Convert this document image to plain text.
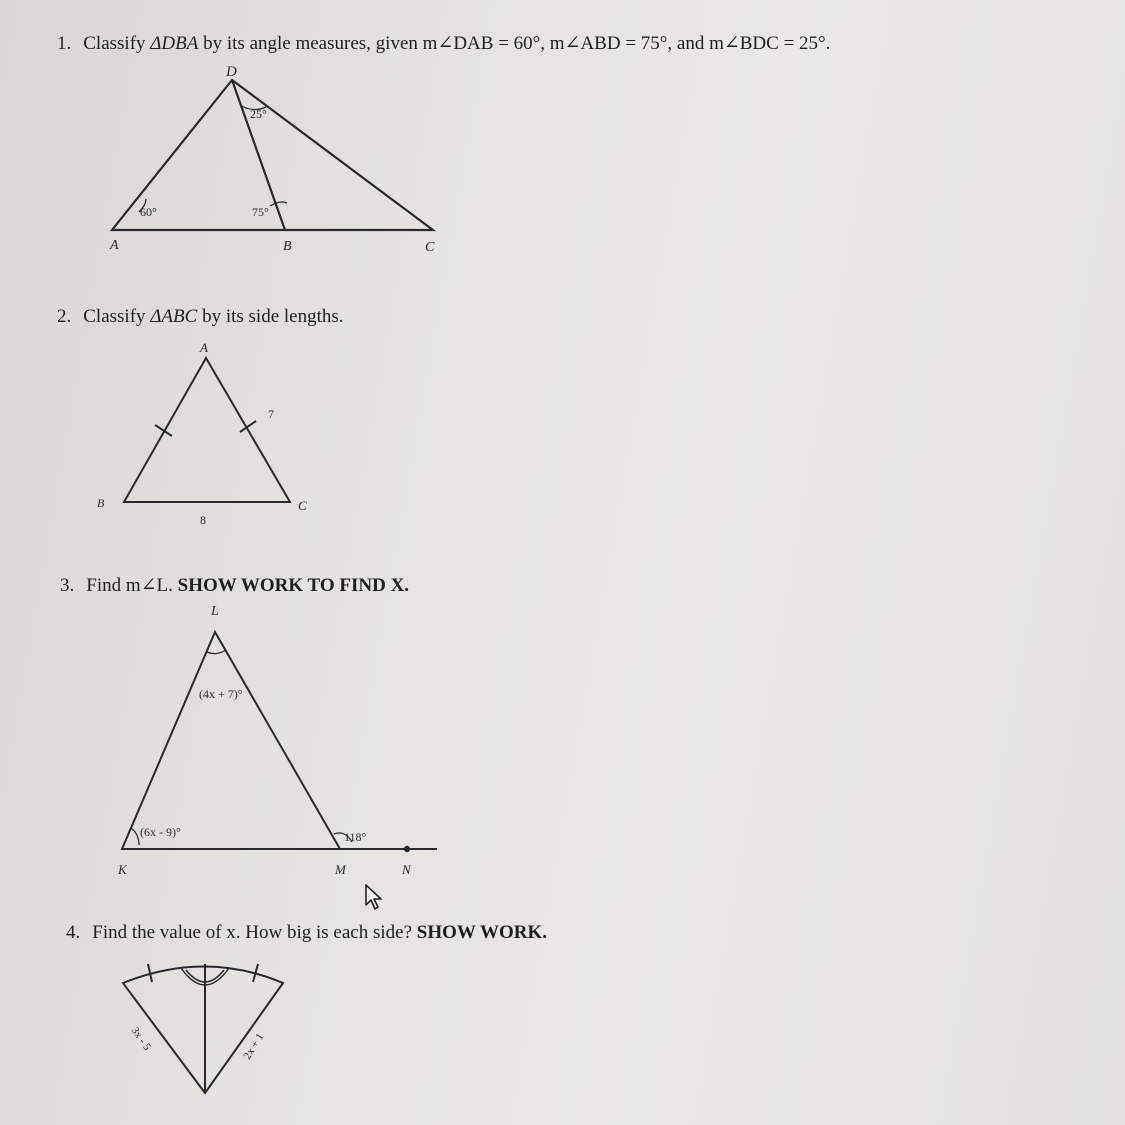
1. Classify ΔDBA by its angle measures, given m∠DAB = 60°, m∠ABD = 75°, and m∠BDC = 25°.
2. Classify ΔABC by its side lengths.
3. Find m∠L. SHOW WORK TO FIND X.
4. Find the value of x. How big is each side? SHOW WORK.
D
A	B	C
60°	75°
25°
A
B	C
7
8
L
K	M	N
(4x + 7)°
(6x - 9)°	118°
3x - 5	2x + 1
